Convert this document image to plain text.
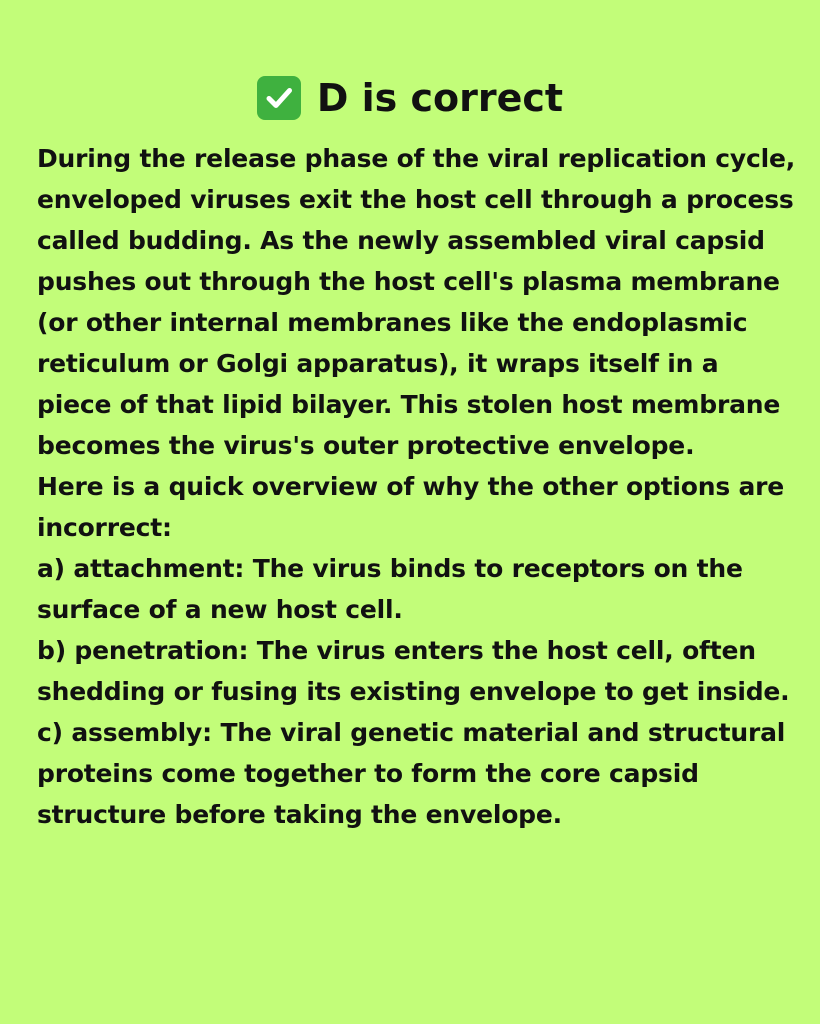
D is correct

During the release phase of the viral replication cycle, enveloped viruses exit the host cell through a process called budding. As the newly assembled viral capsid pushes out through the host cell's plasma membrane (or other internal membranes like the endoplasmic reticulum or Golgi apparatus), it wraps itself in a piece of that lipid bilayer. This stolen host membrane becomes the virus's outer protective envelope.

Here is a quick overview of why the other options are incorrect:

a) attachment: The virus binds to receptors on the surface of a new host cell.

b) penetration: The virus enters the host cell, often shedding or fusing its existing envelope to get inside.

c) assembly: The viral genetic material and structural proteins come together to form the core capsid structure before taking the envelope.
